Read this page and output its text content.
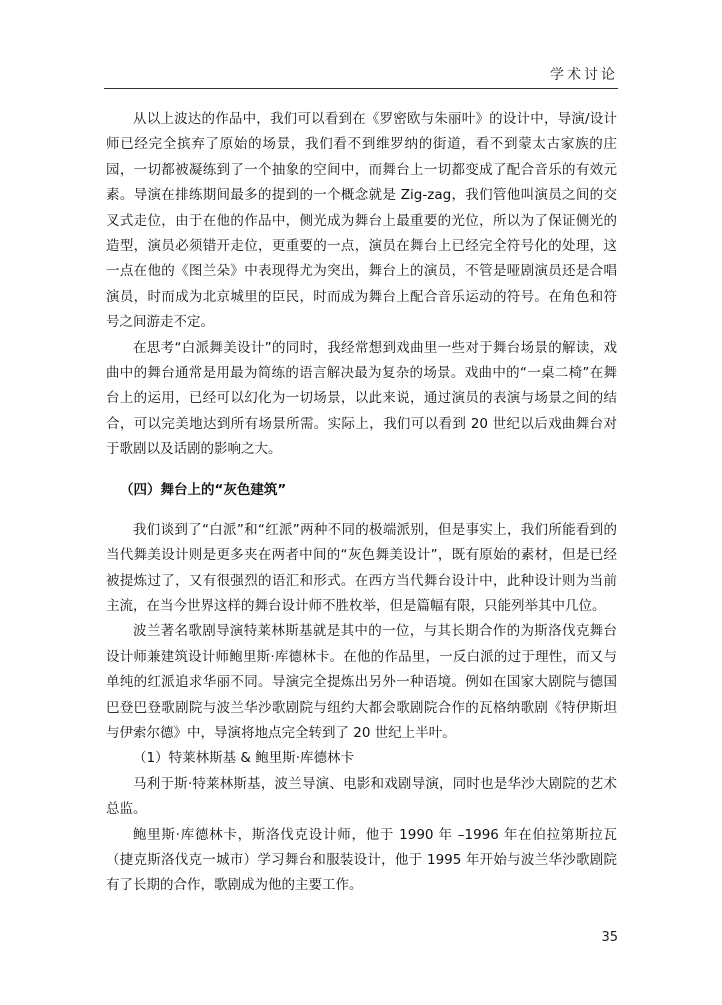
学术讨论

从以上波达的作品中，我们可以看到在《罗密欧与朱丽叶》的设计中，导演/设计师已经完全摈弃了原始的场景，我们看不到维罗纳的街道，看不到蒙太古家族的庄园，一切都被凝练到了一个抽象的空间中，而舞台上一切都变成了配合音乐的有效元素。导演在排练期间最多的提到的一个概念就是 Zig-zag，我们管他叫演员之间的交叉式走位，由于在他的作品中，侧光成为舞台上最重要的光位，所以为了保证侧光的造型，演员必须错开走位，更重要的一点，演员在舞台上已经完全符号化的处理，这一点在他的《图兰朵》中表现得尤为突出，舞台上的演员，不管是哑剧演员还是合唱演员，时而成为北京城里的臣民，时而成为舞台上配合音乐运动的符号。在角色和符号之间游走不定。

在思考“白派舞美设计”的同时，我经常想到戏曲里一些对于舞台场景的解读，戏曲中的舞台通常是用最为简练的语言解决最为复杂的场景。戏曲中的“一桌二椅”在舞台上的运用，已经可以幻化为一切场景，以此来说，通过演员的表演与场景之间的结合，可以完美地达到所有场景所需。实际上，我们可以看到 20 世纪以后戏曲舞台对于歌剧以及话剧的影响之大。

（四）舞台上的“灰色建筑”

我们谈到了“白派”和“红派”两种不同的极端派别，但是事实上，我们所能看到的当代舞美设计则是更多夹在两者中间的“灰色舞美设计”，既有原始的素材，但是已经被提炼过了，又有很强烈的语汇和形式。在西方当代舞台设计中，此种设计则为当前主流，在当今世界这样的舞台设计师不胜枚举，但是篇幅有限，只能列举其中几位。

波兰著名歌剧导演特莱林斯基就是其中的一位，与其长期合作的为斯洛伐克舞台设计师兼建筑设计师鲍里斯·库德林卡。在他的作品里，一反白派的过于理性，而又与单纯的红派追求华丽不同。导演完全提炼出另外一种语境。例如在国家大剧院与德国巴登巴登歌剧院与波兰华沙歌剧院与纽约大都会歌剧院合作的瓦格纳歌剧《特伊斯坦与伊索尔德》中，导演将地点完全转到了 20 世纪上半叶。

（1）特莱林斯基 & 鲍里斯·库德林卡

马利于斯·特莱林斯基，波兰导演、电影和戏剧导演，同时也是华沙大剧院的艺术总监。

鲍里斯·库德林卡，斯洛伐克设计师，他于 1990 年 –1996 年在伯拉第斯拉瓦（捷克斯洛伐克一城市）学习舞台和服装设计，他于 1995 年开始与波兰华沙歌剧院有了长期的合作，歌剧成为他的主要工作。

35
